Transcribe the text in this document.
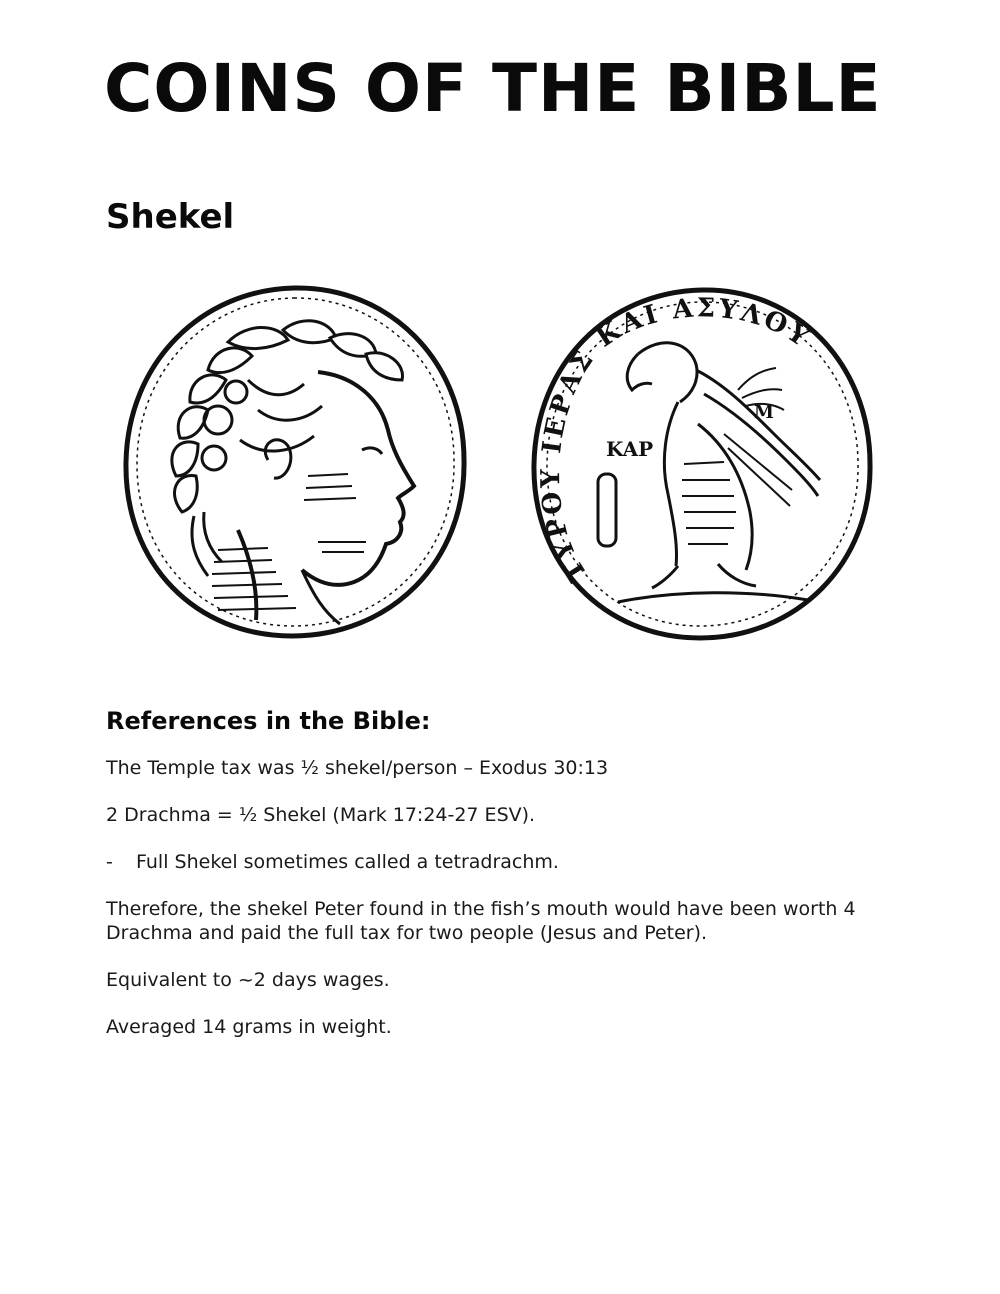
COINS OF THE BIBLE
Shekel
ΤΥΡΟΥ ΙΕΡΑΣ ΚΑΙ ΑΣΥΛΟΥ
KAP
M
References in the Bible:

The Temple tax was ½ shekel/person – Exodus 30:13

2 Drachma = ½ Shekel (Mark 17:24-27 ESV).

-	Full Shekel sometimes called a tetradrachm.

Therefore, the shekel Peter found in the fish’s mouth would have been worth 4 Drachma and paid the full tax for two people (Jesus and Peter).

Equivalent to ~2 days wages.

Averaged 14 grams in weight.
